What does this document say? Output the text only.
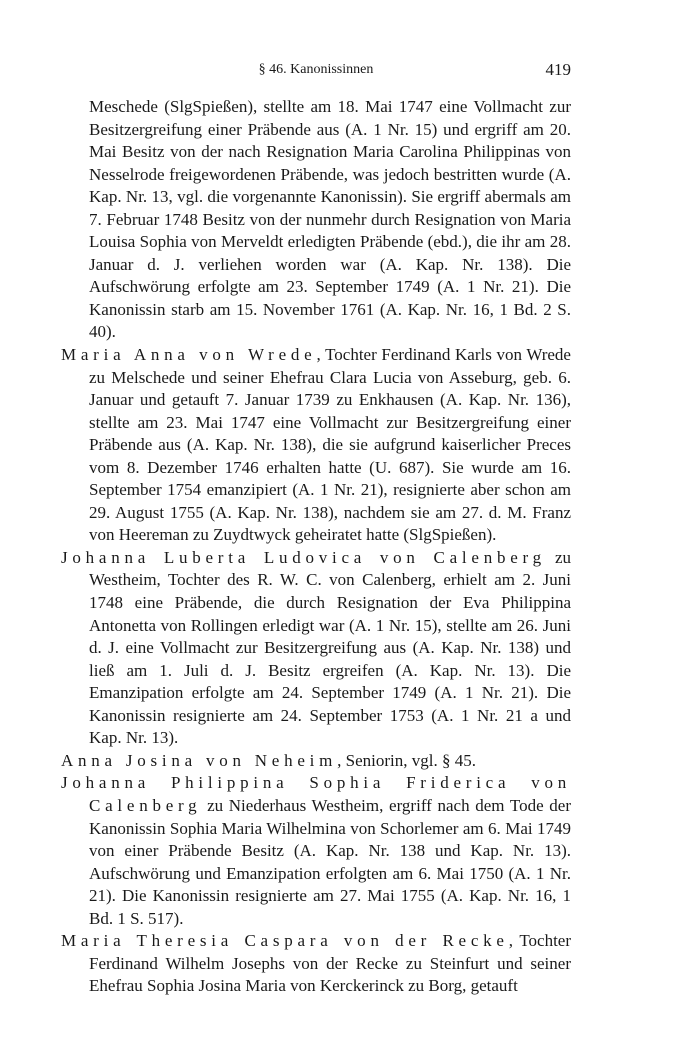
§ 46. Kanonissinnen	419

Meschede (SlgSpießen), stellte am 18. Mai 1747 eine Vollmacht zur Besitzergreifung einer Präbende aus (A. 1 Nr. 15) und ergriff am 20. Mai Besitz von der nach Resignation Maria Carolina Philippinas von Nesselrode freigewordenen Präbende, was jedoch bestritten wurde (A. Kap. Nr. 13, vgl. die vorgenannte Kanonissin). Sie ergriff abermals am 7. Februar 1748 Besitz von der nunmehr durch Resignation von Maria Louisa Sophia von Merveldt erledigten Präbende (ebd.), die ihr am 28. Januar d. J. verliehen worden war (A. Kap. Nr. 138). Die Aufschwörung erfolgte am 23. September 1749 (A. 1 Nr. 21). Die Kanonissin starb am 15. November 1761 (A. Kap. Nr. 16, 1 Bd. 2 S. 40).

Maria Anna von Wrede, Tochter Ferdinand Karls von Wrede zu Melschede und seiner Ehefrau Clara Lucia von Asseburg, geb. 6. Januar und getauft 7. Januar 1739 zu Enkhausen (A. Kap. Nr. 136), stellte am 23. Mai 1747 eine Vollmacht zur Besitzergreifung einer Präbende aus (A. Kap. Nr. 138), die sie aufgrund kaiserlicher Preces vom 8. Dezember 1746 erhalten hatte (U. 687). Sie wurde am 16. September 1754 emanzipiert (A. 1 Nr. 21), resignierte aber schon am 29. August 1755 (A. Kap. Nr. 138), nachdem sie am 27. d. M. Franz von Heereman zu Zuydtwyck geheiratet hatte (SlgSpießen).

Johanna Luberta Ludovica von Calenberg zu Westheim, Tochter des R. W. C. von Calenberg, erhielt am 2. Juni 1748 eine Präbende, die durch Resignation der Eva Philippina Antonetta von Rollingen erledigt war (A. 1 Nr. 15), stellte am 26. Juni d. J. eine Vollmacht zur Besitzergreifung aus (A. Kap. Nr. 138) und ließ am 1. Juli d. J. Besitz ergreifen (A. Kap. Nr. 13). Die Emanzipation erfolgte am 24. September 1749 (A. 1 Nr. 21). Die Kanonissin resignierte am 24. September 1753 (A. 1 Nr. 21 a und Kap. Nr. 13).

Anna Josina von Neheim, Seniorin, vgl. § 45.

Johanna Philippina Sophia Friderica von Calenberg zu Niederhaus Westheim, ergriff nach dem Tode der Kanonissin Sophia Maria Wilhelmina von Schorlemer am 6. Mai 1749 von einer Präbende Besitz (A. Kap. Nr. 138 und Kap. Nr. 13). Aufschwörung und Emanzipation erfolgten am 6. Mai 1750 (A. 1 Nr. 21). Die Kanonissin resignierte am 27. Mai 1755 (A. Kap. Nr. 16, 1 Bd. 1 S. 517).

Maria Theresia Caspara von der Recke, Tochter Ferdinand Wilhelm Josephs von der Recke zu Steinfurt und seiner Ehefrau Sophia Josina Maria von Kerckerinck zu Borg, getauft
